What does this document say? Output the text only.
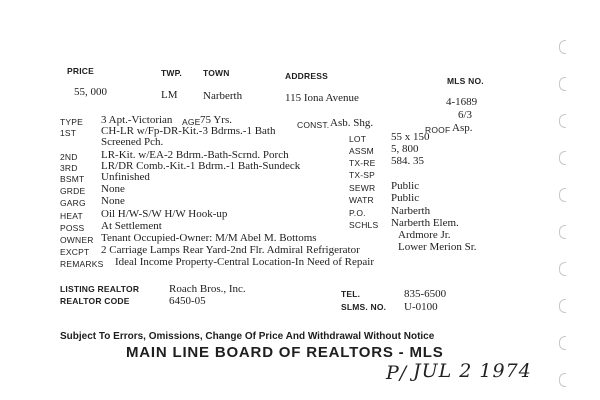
PRICE	TWP. TOWN	ADDRESS	MLS NO.
55, 000	LM Narberth	115 Iona Avenue	4-1689
6/3
TYPE 3 Apt.-Victorian
1ST CH-LR w/Fp-DR-Kit.-3 Bdrms.-1 Bath
Screened Pch.
2ND LR-Kit. w/EA-2 Bdrm.-Bath-Scrnd. Porch
3RD LR/DR Comb.-Kit.-1 Bdrm.-1 Bath-Sundeck
BSMT Unfinished
GRDE None
GARG None
HEAT Oil H/W-S/W H/W Hook-up
POSS At Settlement
OWNER Tenant Occupied-Owner: M/M Abel M. Bottoms
EXCPT 2 Carriage Lamps Rear Yard-2nd Flr. Admiral Refrigerator
REMARKS Ideal Income Property-Central Location-In Need of Repair
AGE 75 Yrs.	CONST. Asb. Shg.
ROOF Asp.
LOT 55 x 150
ASSM 5, 800
TX-RE 584. 35
TX-SP
SEWR Public
WATR Public
P.O. Narberth
SCHLS Narberth Elem.
Ardmore Jr.
Lower Merion Sr.
LISTING REALTOR	Roach Bros., Inc.
REALTOR CODE	6450-05
TEL.	835-6500
SLMS. NO. U-0100
Subject To Errors, Omissions, Change Of Price And Withdrawal Without Notice
MAIN LINE BOARD OF REALTORS - MLS
P/ JUL 2 1974
